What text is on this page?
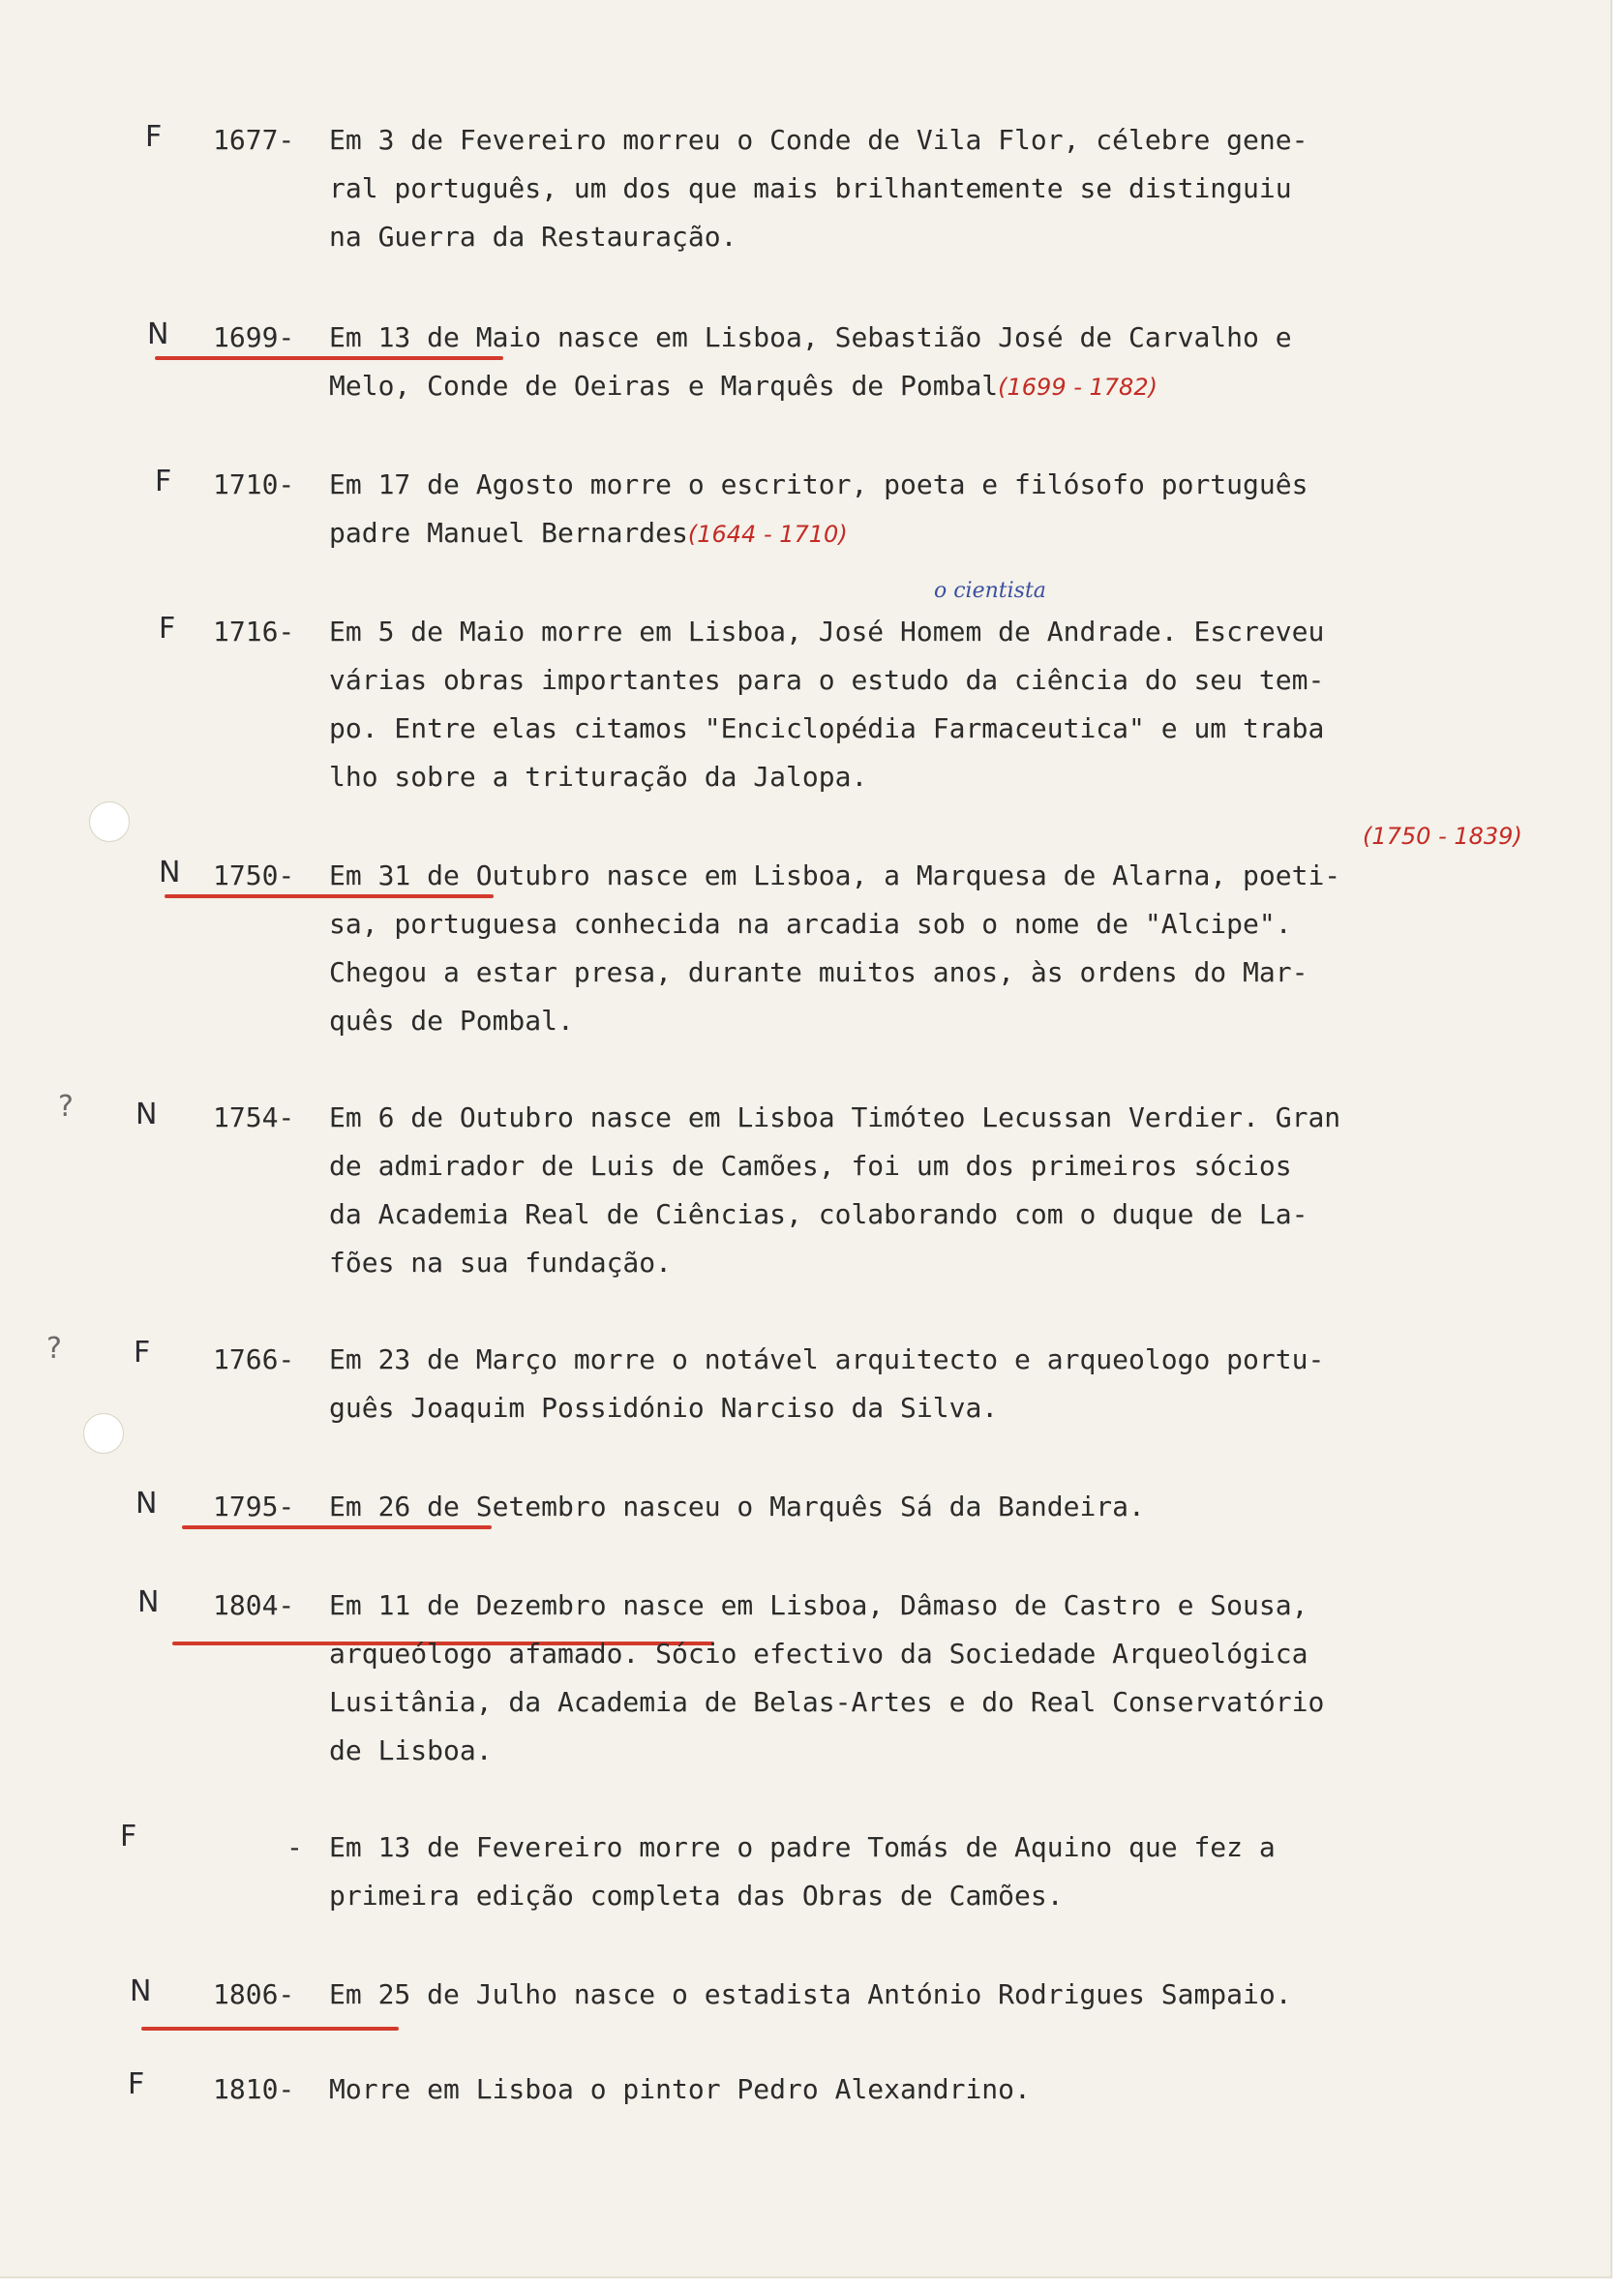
F 1677- Em 3 de Fevereiro morreu o Conde de Vila Flor, célebre gene-
ral português, um dos que mais brilhantemente se distinguiu
na Guerra da Restauração.
N 1699- Em 13 de Maio nasce em Lisboa, Sebastião José de Carvalho e
Melo, Conde de Oeiras e Marquês de Pombal(1699 - 1782)
F 1710- Em 17 de Agosto morre o escritor, poeta e filósofo português
padre Manuel Bernardes(1644 - 1710)
o cientista
F 1716- Em 5 de Maio morre em Lisboa, José Homem de Andrade. Escreveu
várias obras importantes para o estudo da ciência do seu tem-
po. Entre elas citamos "Enciclopédia Farmaceutica" e um traba
lho sobre a trituração da Jalopa.
(1750 - 1839)
N 1750- Em 31 de Outubro nasce em Lisboa, a Marquesa de Alarna, poeti-
sa, portuguesa conhecida na arcadia sob o nome de "Alcipe".
Chegou a estar presa, durante muitos anos, às ordens do Mar-
quês de Pombal.
? N 1754- Em 6 de Outubro nasce em Lisboa Timóteo Lecussan Verdier. Gran
de admirador de Luis de Camões, foi um dos primeiros sócios
da Academia Real de Ciências, colaborando com o duque de La-
fões na sua fundação.
? F 1766- Em 23 de Março morre o notável arquitecto e arqueologo portu-
guês Joaquim Possidónio Narciso da Silva.
N 1795- Em 26 de Setembro nasceu o Marquês Sá da Bandeira.
N 1804- Em 11 de Dezembro nasce em Lisboa, Dâmaso de Castro e Sousa,
arqueólogo afamado. Sócio efectivo da Sociedade Arqueológica
Lusitânia, da Academia de Belas-Artes e do Real Conservatório
de Lisboa.
F	- Em 13 de Fevereiro morre o padre Tomás de Aquino que fez a
primeira edição completa das Obras de Camões.
N 1806- Em 25 de Julho nasce o estadista António Rodrigues Sampaio.
F	1810- Morre em Lisboa o pintor Pedro Alexandrino.
